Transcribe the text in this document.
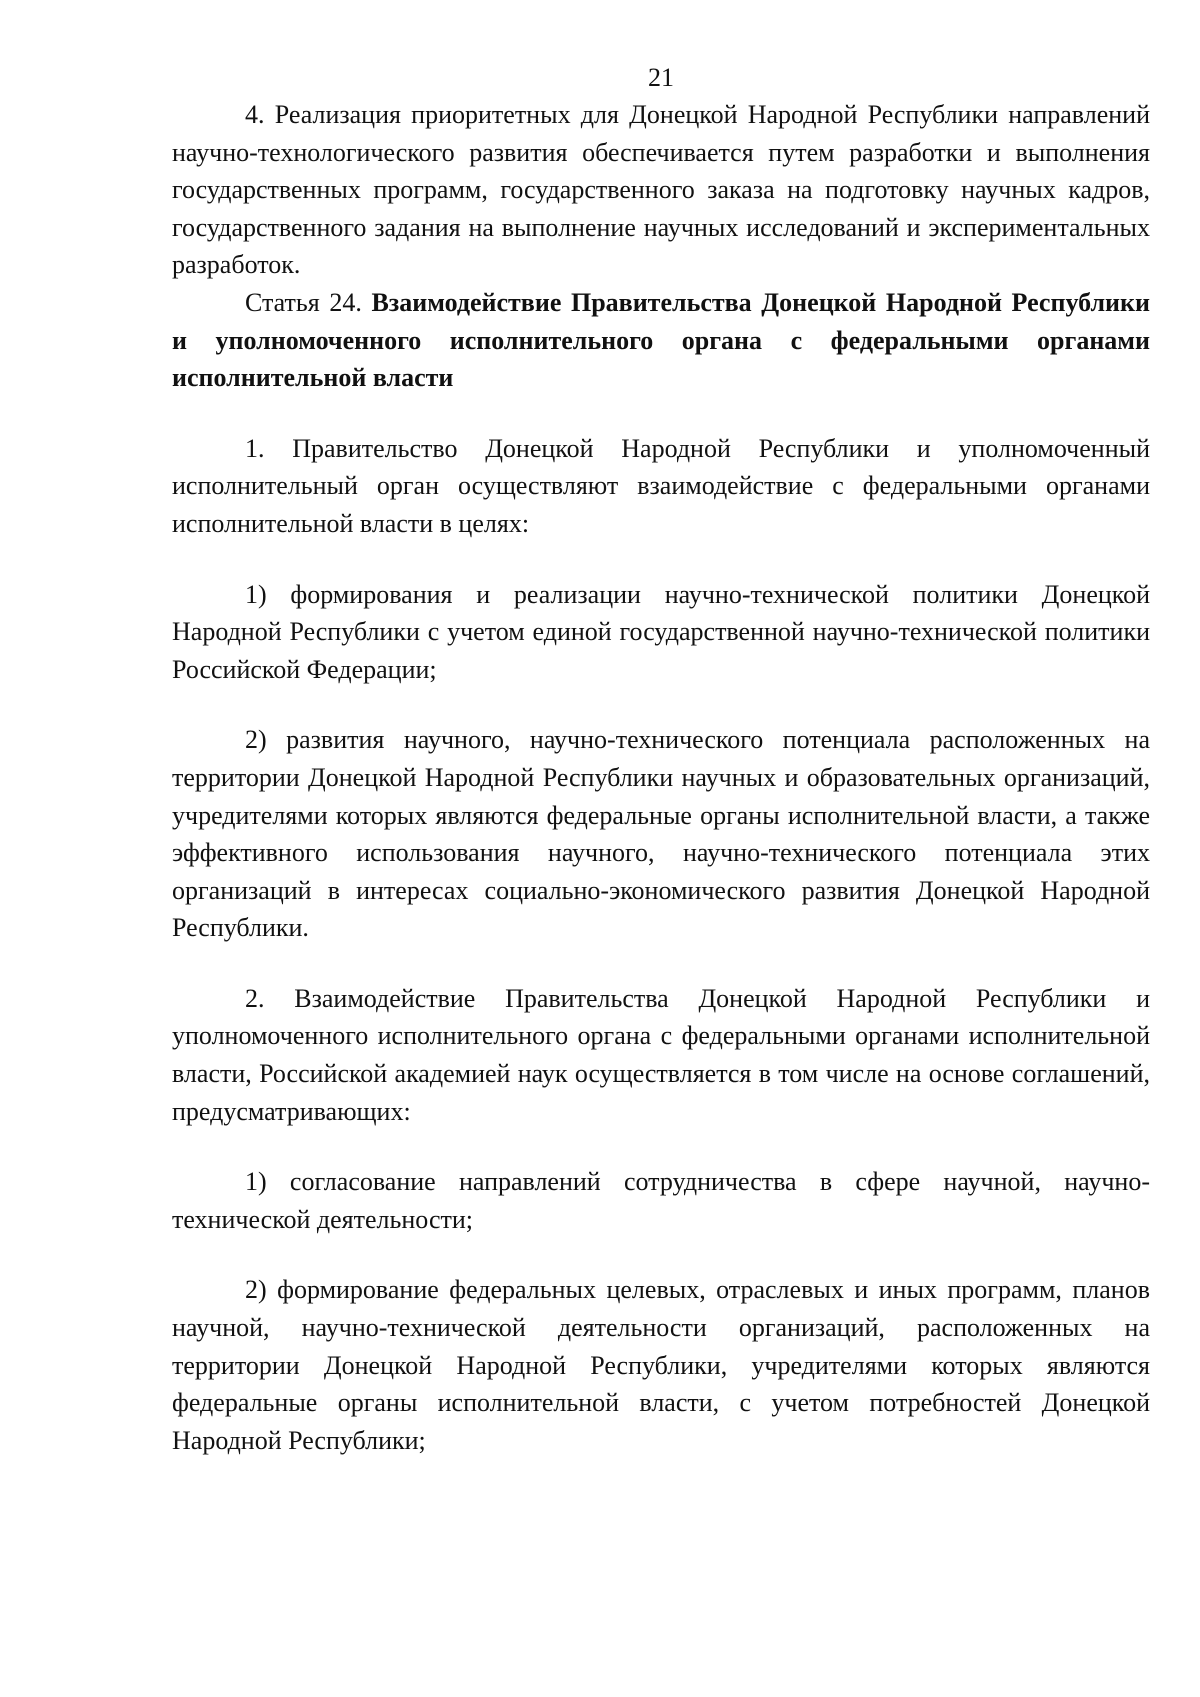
21

4. Реализация приоритетных для Донецкой Народной Республики направлений научно-технологического развития обеспечивается путем разработки и выполнения государственных программ, государственного заказа на подготовку научных кадров, государственного задания на выполнение научных исследований и экспериментальных разработок.

Статья 24. Взаимодействие Правительства Донецкой Народной Республики и уполномоченного исполнительного органа с федеральными органами исполнительной власти

1. Правительство Донецкой Народной Республики и уполномоченный исполнительный орган осуществляют взаимодействие с федеральными органами исполнительной власти в целях:

1) формирования и реализации научно-технической политики Донецкой Народной Республики с учетом единой государственной научно-технической политики Российской Федерации;

2) развития научного, научно-технического потенциала расположенных на территории Донецкой Народной Республики научных и образовательных организаций, учредителями которых являются федеральные органы исполнительной власти, а также эффективного использования научного, научно-технического потенциала этих организаций в интересах социально-экономического развития Донецкой Народной Республики.

2. Взаимодействие Правительства Донецкой Народной Республики и уполномоченного исполнительного органа с федеральными органами исполнительной власти, Российской академией наук осуществляется в том числе на основе соглашений, предусматривающих:

1) согласование направлений сотрудничества в сфере научной, научно-технической деятельности;

2) формирование федеральных целевых, отраслевых и иных программ, планов научной, научно-технической деятельности организаций, расположенных на территории Донецкой Народной Республики, учредителями которых являются федеральные органы исполнительной власти, с учетом потребностей Донецкой Народной Республики;
